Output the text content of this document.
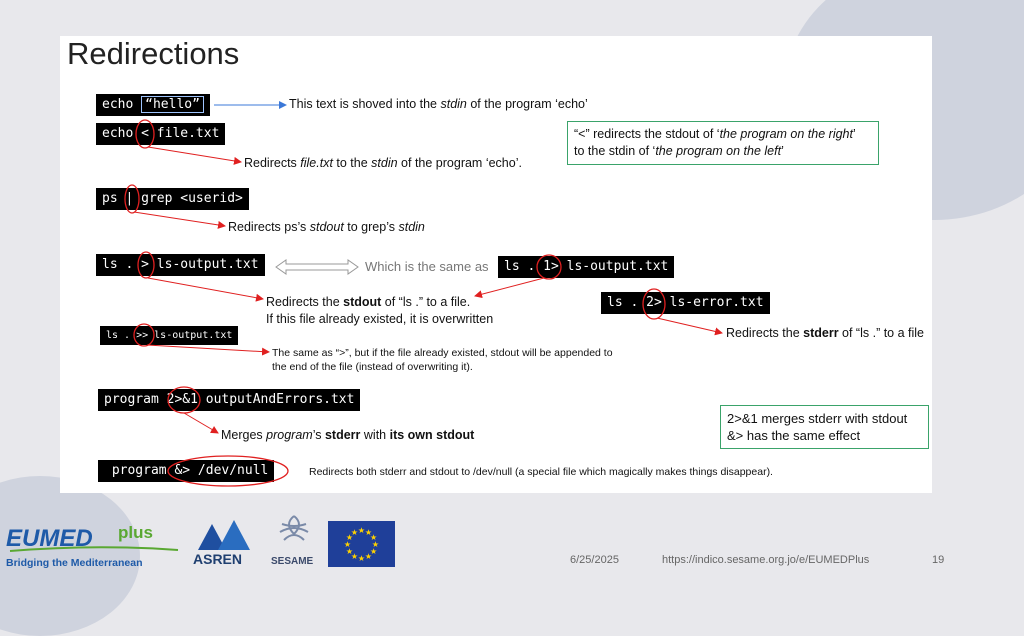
Redirections
echo “hello”	This text is shoved into the stdin of the program ‘echo’
echo < file.txt
Redirects file.txt to the stdin of the program ‘echo’.
“<” redirects the stdout of ‘the program on the right’
to the stdin of ‘the program on the left’
ps | grep <userid>
Redirects ps’s stdout to grep’s stdin
ls . > ls-output.txt	Which is the same as	ls . 1> ls-output.txt
Redirects the stdout of “ls .” to a file.
If this file already existed, it is overwritten
ls . 2> ls-error.txt
Redirects the stderr of “ls .” to a file
ls . >> ls-output.txt
The same as “>”, but if the file already existed, stdout will be appended to
the end of the file (instead of overwriting it).
program 2>&1 outputAndErrors.txt
Merges program’s stderr with its own stdout
2>&1 merges stderr with stdout
&> has the same effect
program &> /dev/null	Redirects both stderr and stdout to /dev/null (a special file which magically makes things disappear).
EUMED plus
Bridging the Mediterranean	ASREN	SESAME
★
★
★
★
★
★
★
★
★ ★ ★
★
6/25/2025	https://indico.sesame.org.jo/e/EUMEDPlus	19
